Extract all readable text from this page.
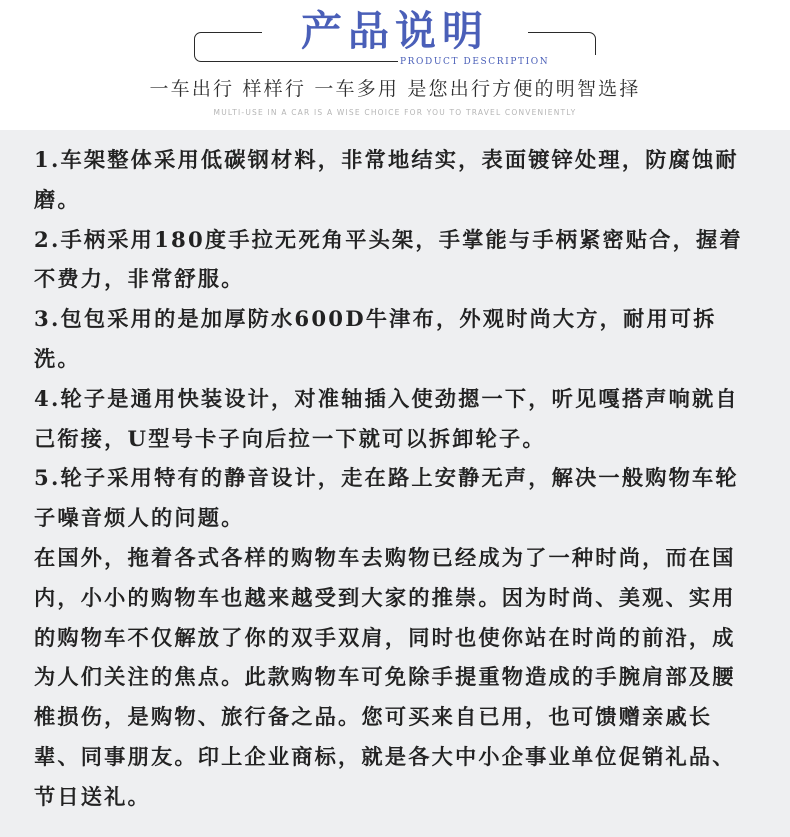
产品说明
PRODUCT DESCRIPTION
一车出行 样样行 一车多用 是您出行方便的明智选择
MULTI-USE IN A CAR IS A WISE CHOICE FOR YOU TO TRAVEL CONVENIENTLY

1.车架整体采用低碳钢材料，非常地结实，表面镀锌处理，防腐蚀耐磨。

2.手柄采用180度手拉无死角平头架，手掌能与手柄紧密贴合，握着不费力，非常舒服。

3.包包采用的是加厚防水600D牛津布，外观时尚大方，耐用可拆洗。

4.轮子是通用快装设计，对准轴插入使劲摁一下，听见嘎搭声响就自己衔接，U型号卡子向后拉一下就可以拆卸轮子。

5.轮子采用特有的静音设计，走在路上安静无声，解决一般购物车轮子噪音烦人的问题。

在国外，拖着各式各样的购物车去购物已经成为了一种时尚，而在国内，小小的购物车也越来越受到大家的推崇。因为时尚、美观、实用的购物车不仅解放了你的双手双肩，同时也使你站在时尚的前沿，成为人们关注的焦点。此款购物车可免除手提重物造成的手腕肩部及腰椎损伤，是购物、旅行备之品。您可买来自已用，也可馈赠亲戚长辈、同事朋友。印上企业商标，就是各大中小企事业单位促销礼品、节日送礼。
